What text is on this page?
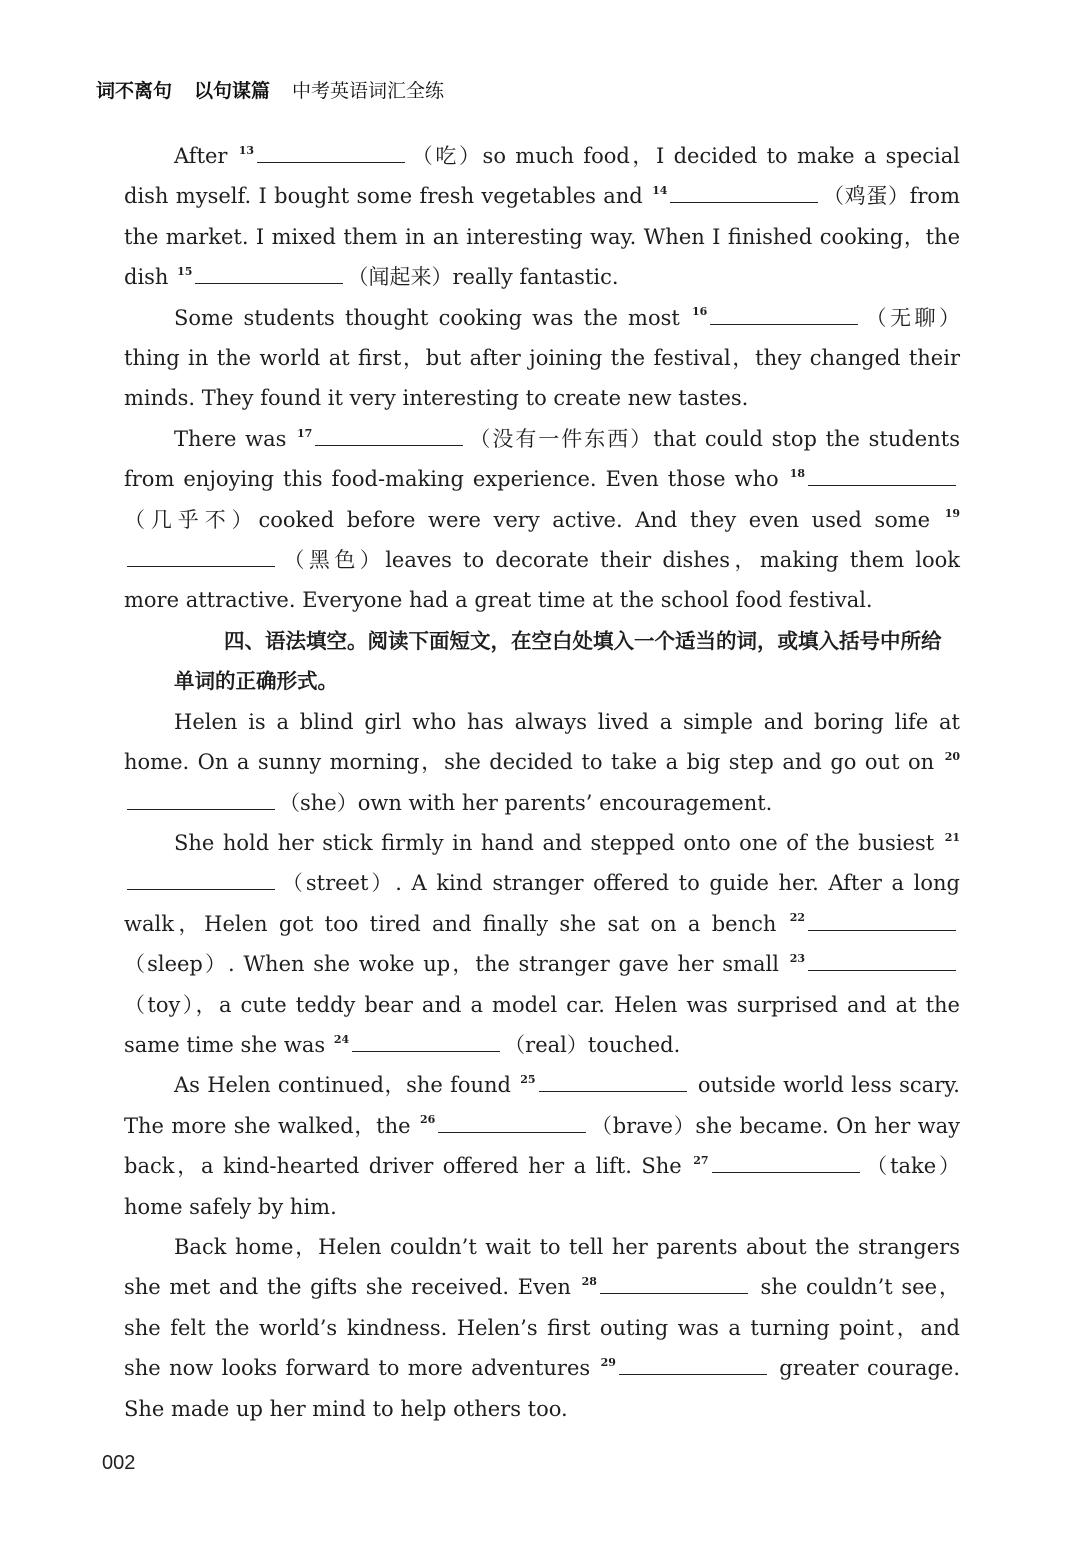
词不离句 以句谋篇 中考英语词汇全练

After $^{13}$	（吃）so much food，I decided to make a special dish myself. I bought some fresh vegetables and $^{14}$	（鸡蛋）from the market. I mixed them in an interesting way. When I finished cooking，the dish $^{15}$	（闻起来）really fantastic.

Some students thought cooking was the most $^{16}$	（无聊）thing in the world at first，but after joining the festival，they changed their minds. They found it very interesting to create new tastes.

There was $^{17}$	（没有一件东西）that could stop the students from enjoying this food-making experience. Even those who $^{18}$（几乎不）cooked before were very active. And they even used some $^{19}$（黑色）leaves to decorate their dishes，making them look more attractive. Everyone had a great time at the school food festival.

四、语法填空。阅读下面短文，在空白处填入一个适当的词，或填入括号中所给单词的正确形式。

Helen is a blind girl who has always lived a simple and boring life at home. On a sunny morning，she decided to take a big step and go out on $^{20}$（she）own with her parents’ encouragement.

She hold her stick firmly in hand and stepped onto one of the busiest $^{21}$（street）. A kind stranger offered to guide her. After a long walk，Helen got too tired and finally she sat on a bench $^{22}$（sleep）. When she woke up，the stranger gave her small $^{23}$（toy），a cute teddy bear and a model car. Helen was surprised and at the same time she was $^{24}$	（real）touched.

As Helen continued，she found $^{25}$	outside world less scary. The more she walked，the $^{26}$	（brave）she became. On her way back，a kind-hearted driver offered her a lift. She $^{27}$	（take）home safely by him.

Back home，Helen couldn’t wait to tell her parents about the strangers she met and the gifts she received. Even $^{28}$	she couldn’t see，she felt the world’s kindness. Helen’s first outing was a turning point，and she now looks forward to more adventures $^{29}$	greater courage. She made up her mind to help others too.

002
